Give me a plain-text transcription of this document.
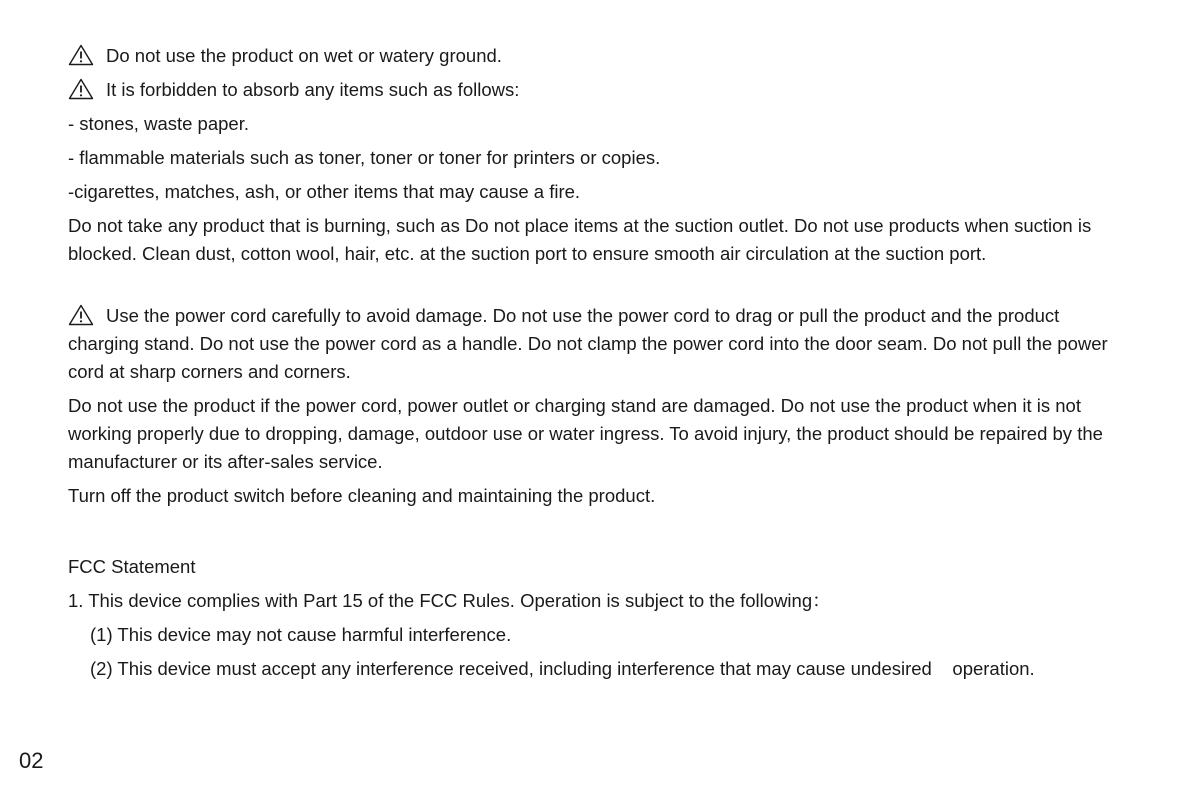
Do not use the product on wet or watery ground.
It is forbidden to absorb any items such as follows:
- stones, waste paper.
- flammable materials such as toner, toner or toner for printers or copies.
-cigarettes, matches, ash, or other items that may cause a fire.
Do not take any product that is burning, such as Do not place items at the suction outlet. Do not use products when suction is blocked. Clean dust, cotton wool, hair, etc. at the suction port to ensure smooth air circulation at the suction port.
Use the power cord carefully to avoid damage. Do not use the power cord to drag or pull the product and the product charging stand. Do not use the power cord as a handle. Do not clamp the power cord into the door seam. Do not pull the power cord at sharp corners and corners.
Do not use the product if the power cord, power outlet or charging stand are damaged. Do not use the product when it is not working properly due to dropping, damage, outdoor use or water ingress. To avoid injury, the product should be repaired by the manufacturer or its after-sales service.
Turn off the product switch before cleaning and maintaining the product.
FCC Statement
1. This device complies with Part 15 of the FCC Rules. Operation is subject to the following：
(1) This device may not cause harmful interference.
(2) This device must accept any interference received, including interference that may cause undesired    operation.
02
